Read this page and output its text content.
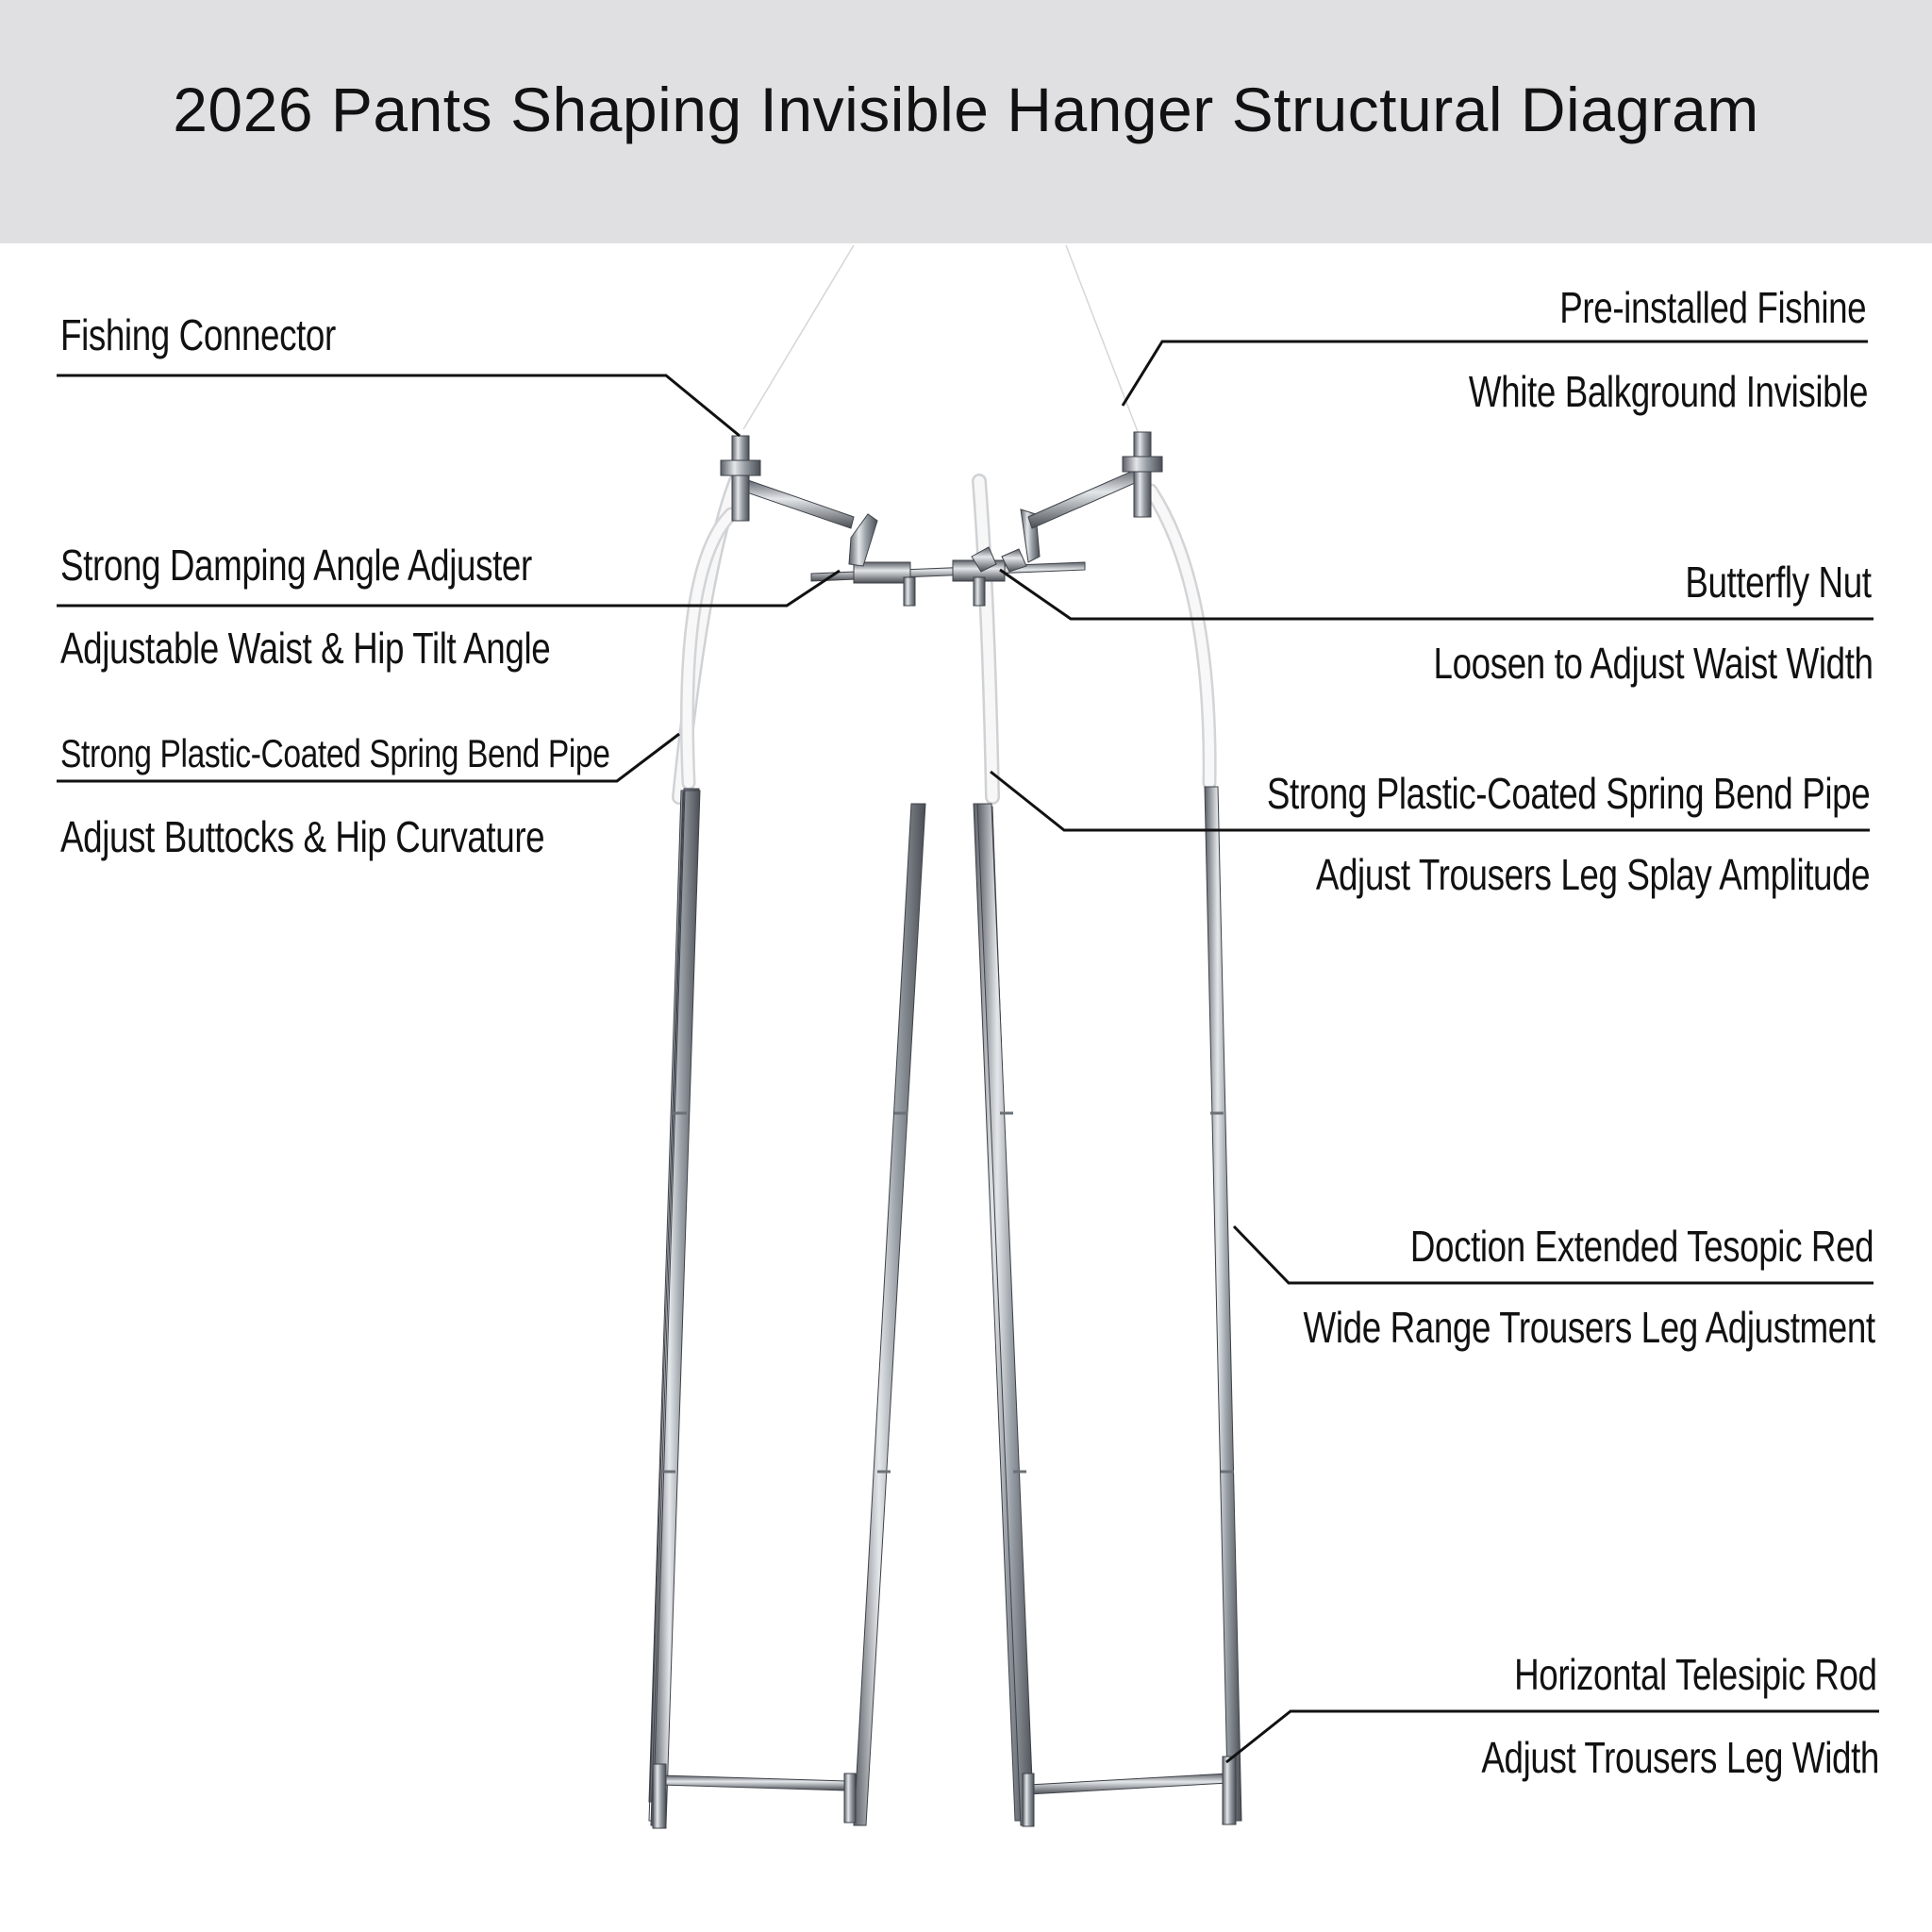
2026 Pants Shaping Invisible Hanger Structural Diagram
Fishing Connector
Pre-installed Fishine
White Balkground Invisible
Strong Damping Angle Adjuster
Adjustable Waist & Hip Tilt Angle
Butterfly Nut
Loosen to Adjust Waist Width
Strong Plastic-Coated Spring Bend Pipe
Adjust Buttocks & Hip Curvature
Strong Plastic-Coated Spring Bend Pipe
Adjust Trousers Leg Splay Amplitude
Doction Extended Tesopic Red
Wide Range Trousers Leg Adjustment
Horizontal Telesipic Rod
Adjust Trousers Leg Width
